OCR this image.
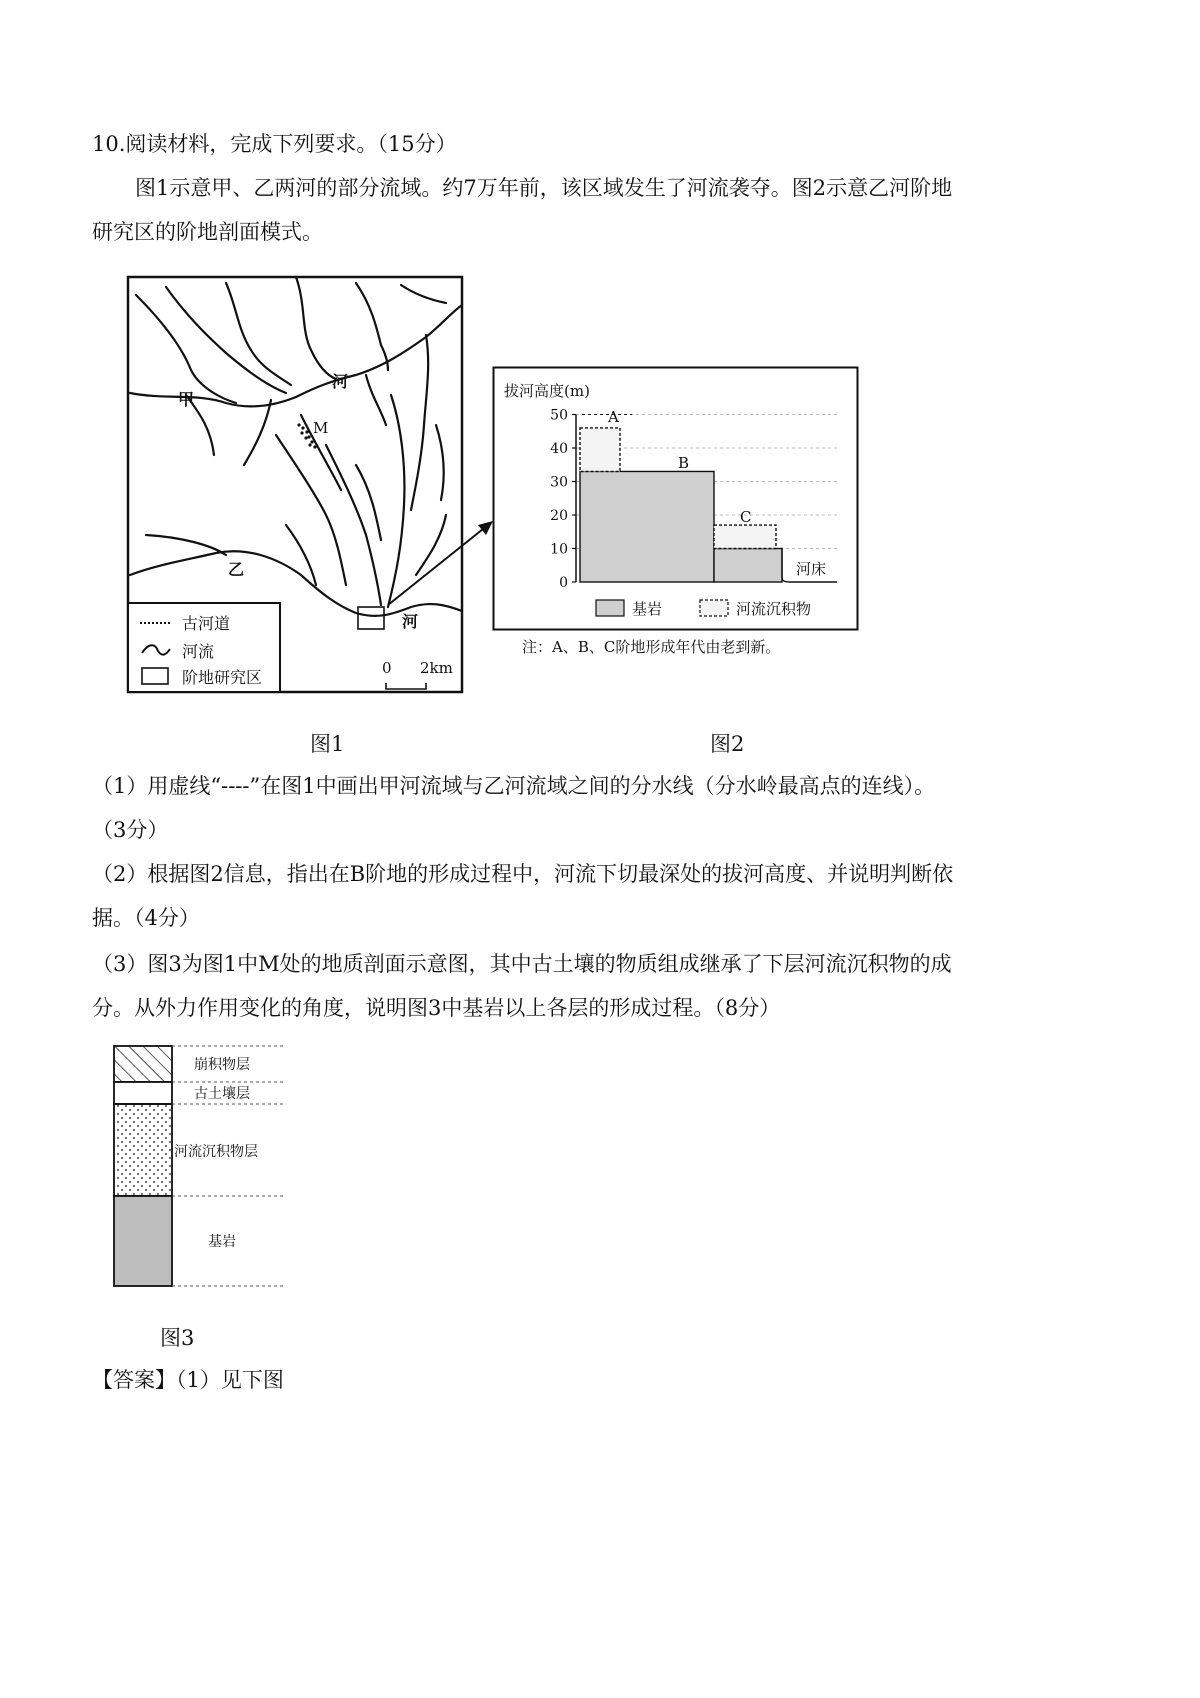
10.阅读材料，完成下列要求。（15分）
图1示意甲、乙两河的部分流域。约7万年前，该区域发生了河流袭夺。图2示意乙河阶地
研究区的阶地剖面模式。
M
甲
河
乙
河
古河道
河流
阶地研究区	0 2km
拔河高度(m)
50
40
30
20
10
0
A
B
C
河床
基岩	河流沉积物
注：A、B、C阶地形成年代由老到新。
图1	图2
（1）用虚线“----”在图1中画出甲河流域与乙河流域之间的分水线（分水岭最高点的连线）。
（3分）
（2）根据图2信息，指出在B阶地的形成过程中，河流下切最深处的拔河高度、并说明判断依
据。（4分）
（3）图3为图1中M处的地质剖面示意图，其中古土壤的物质组成继承了下层河流沉积物的成
分。从外力作用变化的角度，说明图3中基岩以上各层的形成过程。（8分）
崩积物层
古土壤层
河流沉积物层
基岩
图3
【答案】（1）见下图
